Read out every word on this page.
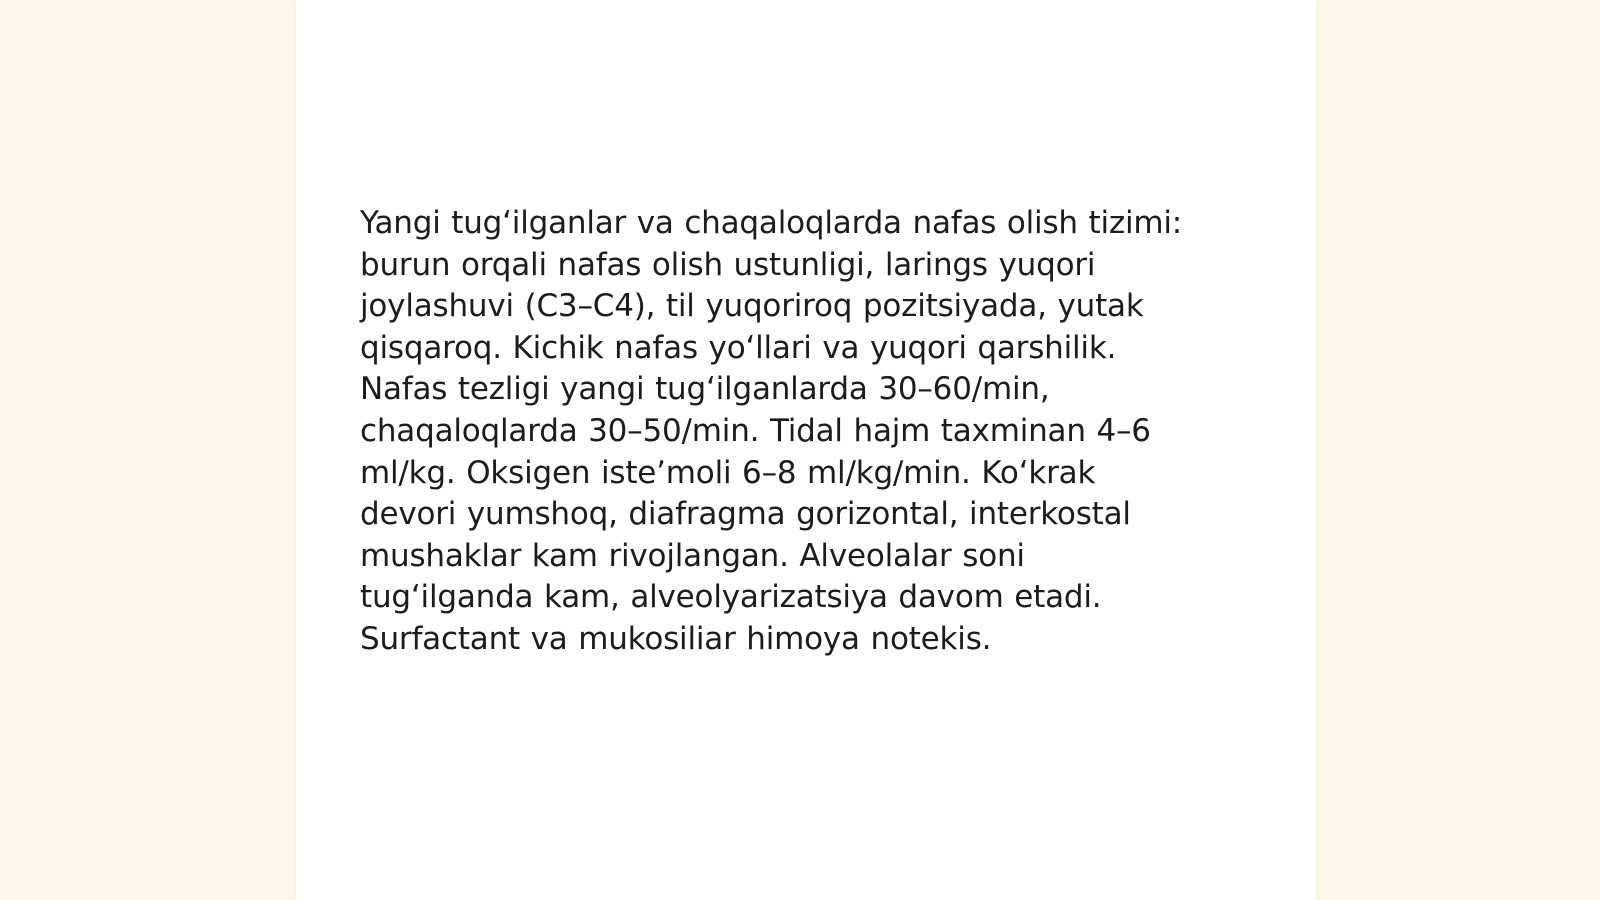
Yangi tug‘ilganlar va chaqaloqlarda nafas olish tizimi:
burun orqali nafas olish ustunligi, larings yuqori
joylashuvi (C3–C4), til yuqoriroq pozitsiyada, yutak
qisqaroq. Kichik nafas yo‘llari va yuqori qarshilik.
Nafas tezligi yangi tug‘ilganlarda 30–60/min,
chaqaloqlarda 30–50/min. Tidal hajm taxminan 4–6
ml/kg. Oksigen iste’moli 6–8 ml/kg/min. Ko‘krak
devori yumshoq, diafragma gorizontal, interkostal
mushaklar kam rivojlangan. Alveolalar soni
tug‘ilganda kam, alveolyarizatsiya davom etadi.
Surfactant va mukosiliar himoya notekis.
